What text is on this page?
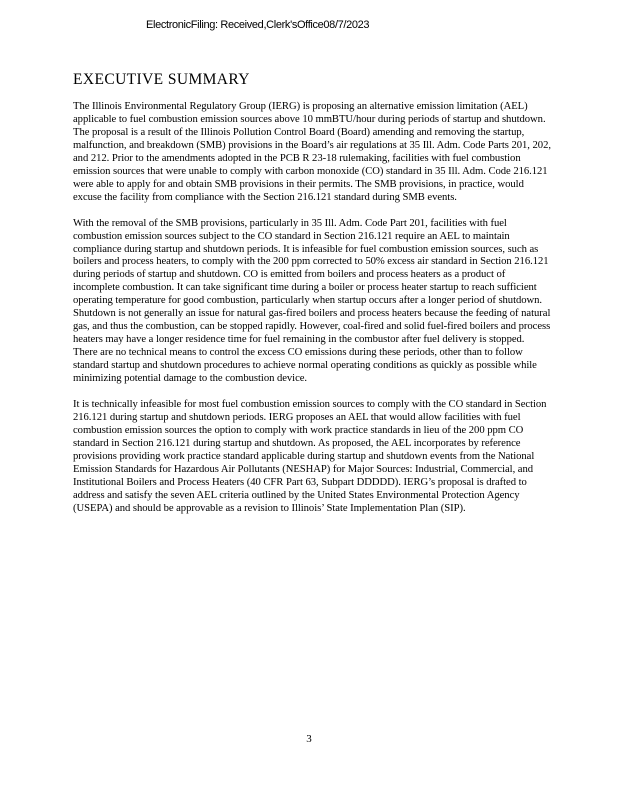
ElectronicFiling: Received,Clerk'sOffice08/7/2023
EXECUTIVE SUMMARY

The Illinois Environmental Regulatory Group (IERG) is proposing an alternative emission limitation (AEL) applicable to fuel combustion emission sources above 10 mmBTU/hour during periods of startup and shutdown. The proposal is a result of the Illinois Pollution Control Board (Board) amending and removing the startup, malfunction, and breakdown (SMB) provisions in the Board’s air regulations at 35 Ill. Adm. Code Parts 201, 202, and 212. Prior to the amendments adopted in the PCB R 23-18 rulemaking, facilities with fuel combustion emission sources that were unable to comply with carbon monoxide (CO) standard in 35 Ill. Adm. Code 216.121 were able to apply for and obtain SMB provisions in their permits. The SMB provisions, in practice, would excuse the facility from compliance with the Section 216.121 standard during SMB events.

With the removal of the SMB provisions, particularly in 35 Ill. Adm. Code Part 201, facilities with fuel combustion emission sources subject to the CO standard in Section 216.121 require an AEL to maintain compliance during startup and shutdown periods. It is infeasible for fuel combustion emission sources, such as boilers and process heaters, to comply with the 200 ppm corrected to 50% excess air standard in Section 216.121 during periods of startup and shutdown. CO is emitted from boilers and process heaters as a product of incomplete combustion. It can take significant time during a boiler or process heater startup to reach sufficient operating temperature for good combustion, particularly when startup occurs after a longer period of shutdown. Shutdown is not generally an issue for natural gas-fired boilers and process heaters because the feeding of natural gas, and thus the combustion, can be stopped rapidly. However, coal-fired and solid fuel-fired boilers and process heaters may have a longer residence time for fuel remaining in the combustor after fuel delivery is stopped. There are no technical means to control the excess CO emissions during these periods, other than to follow standard startup and shutdown procedures to achieve normal operating conditions as quickly as possible while minimizing potential damage to the combustion device.

It is technically infeasible for most fuel combustion emission sources to comply with the CO standard in Section 216.121 during startup and shutdown periods. IERG proposes an AEL that would allow facilities with fuel combustion emission sources the option to comply with work practice standards in lieu of the 200 ppm CO standard in Section 216.121 during startup and shutdown. As proposed, the AEL incorporates by reference provisions providing work practice standard applicable during startup and shutdown events from the National Emission Standards for Hazardous Air Pollutants (NESHAP) for Major Sources: Industrial, Commercial, and Institutional Boilers and Process Heaters (40 CFR Part 63, Subpart DDDDD). IERG’s proposal is drafted to address and satisfy the seven AEL criteria outlined by the United States Environmental Protection Agency (USEPA) and should be approvable as a revision to Illinois’ State Implementation Plan (SIP).

3
